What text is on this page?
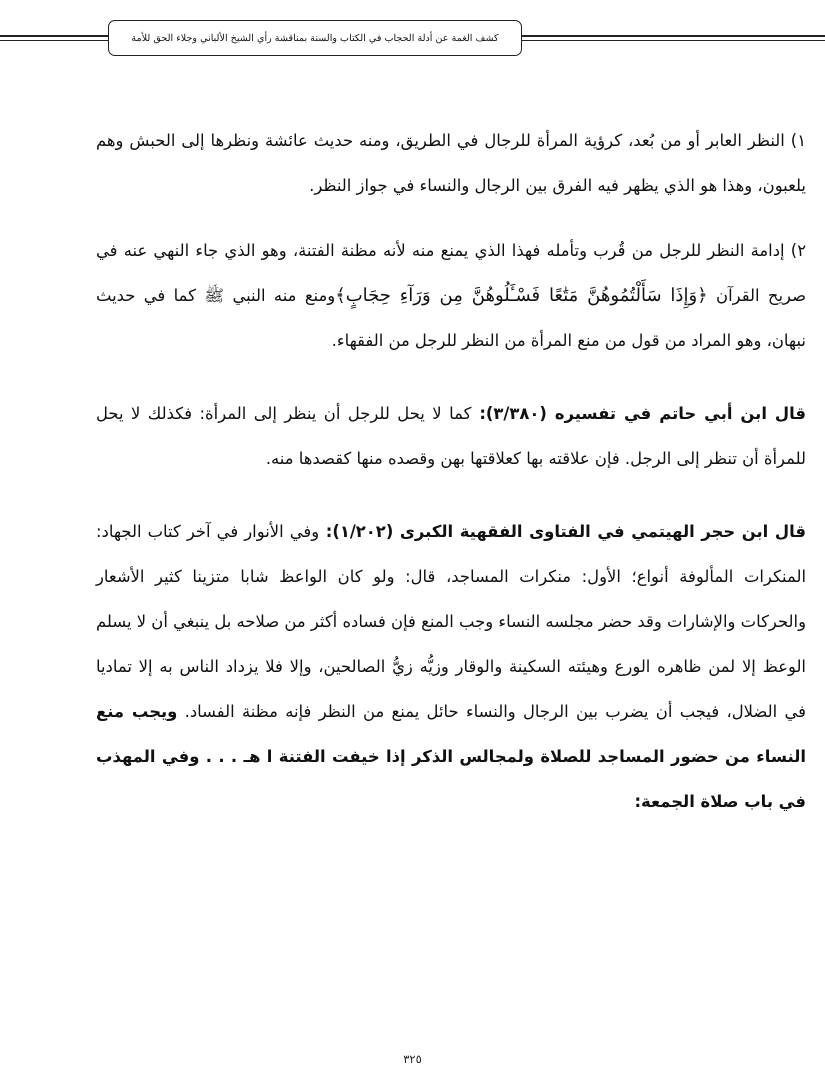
كشف الغمة عن أدلة الحجاب في الكتاب والسنة بمناقشة رأي الشيخ الألباني وجلاء الحق للأمة

١) النظر العابر أو من بُعد، كرؤية المرأة للرجال في الطريق، ومنه حديث عائشة ونظرها إلى الحبش وهم يلعبون، وهذا هو الذي يظهر فيه الفرق بين الرجال والنساء في جواز النظر.

٢) إدامة النظر للرجل من قُرب وتأمله فهذا الذي يمنع منه لأنه مظنة الفتنة، وهو الذي جاء النهي عنه في صريح القرآن ﴿وَإِذَا سَأَلْتُمُوهُنَّ مَتَٰعًا فَسْـَٔلُوهُنَّ مِن وَرَآءِ حِجَابٍ﴾ومنع منه النبي ﷺ كما في حديث نبهان، وهو المراد من قول من منع المرأة من النظر للرجل من الفقهاء.

قال ابن أبي حاتم في تفسيره (٣/٣٨٠): كما لا يحل للرجل أن ينظر إلى المرأة: فكذلك لا يحل للمرأة أن تنظر إلى الرجل. فإن علاقته بها كعلاقتها بهن وقصده منها كقصدها منه.

قال ابن حجر الهيتمي في الفتاوى الفقهية الكبرى (١/٢٠٢): وفي الأنوار في آخر كتاب الجهاد: المنكرات المألوفة أنواع؛ الأول: منكرات المساجد، قال: ولو كان الواعظ شابا متزينا كثير الأشعار والحركات والإشارات وقد حضر مجلسه النساء وجب المنع فإن فساده أكثر من صلاحه بل ينبغي أن لا يسلم الوعظ إلا لمن ظاهره الورع وهيئته السكينة والوقار وزيُّه زيُّ الصالحين، وإلا فلا يزداد الناس به إلا تماديا في الضلال، فيجب أن يضرب بين الرجال والنساء حائل يمنع من النظر فإنه مظنة الفساد. ويجب منع النساء من حضور المساجد للصلاة ولمجالس الذكر إذا خيفت الفتنة ا هـ . . . وفي المهذب في باب صلاة الجمعة:

٣٢٥
